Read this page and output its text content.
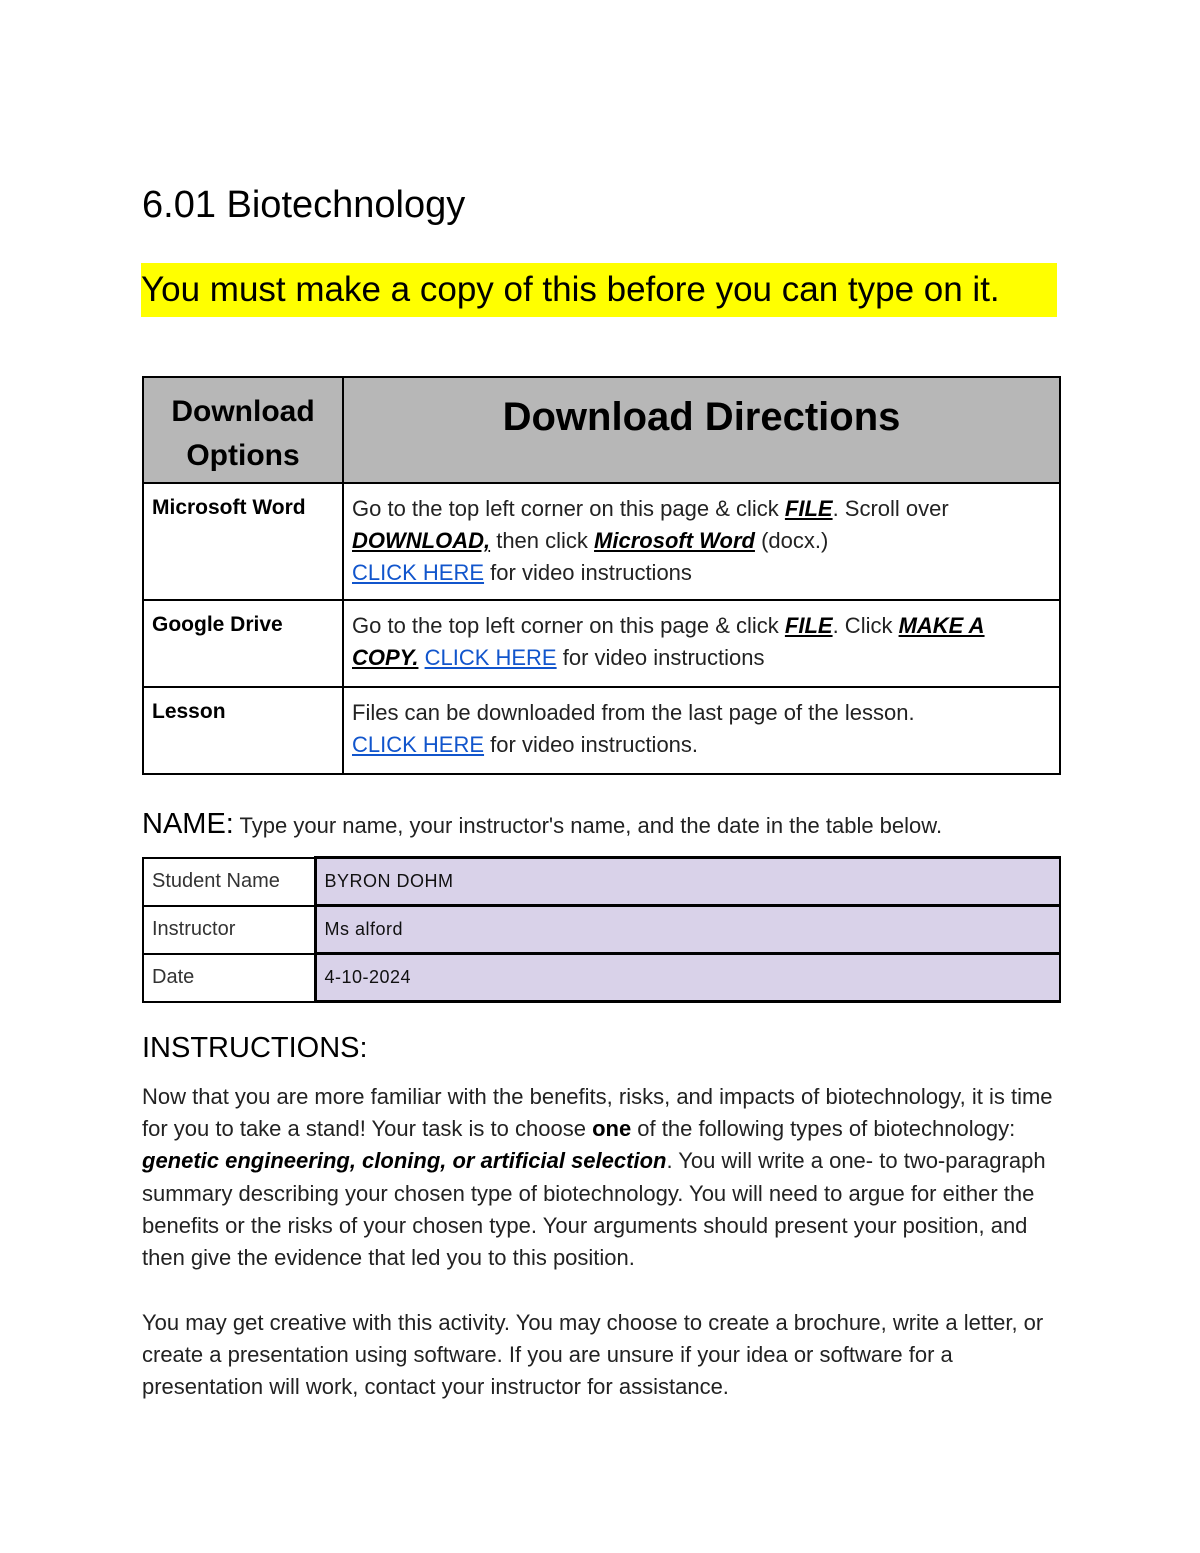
6.01 Biotechnology
You must make a copy of this before you can type on it.
Download Options	Download Directions
Microsoft Word	Go to the top left corner on this page & click FILE. Scroll over DOWNLOAD, then click Microsoft Word (docx.)
CLICK HERE for video instructions
Google Drive	Go to the top left corner on this page & click FILE. Click MAKE A COPY. CLICK HERE for video instructions
Lesson	Files can be downloaded from the last page of the lesson.
CLICK HERE for video instructions.
NAME: Type your name, your instructor's name, and the date in the table below.
Student Name	BYRON DOHM
Instructor	Ms alford
Date	4-10-2024
INSTRUCTIONS:
Now that you are more familiar with the benefits, risks, and impacts of biotechnology, it is time for you to take a stand! Your task is to choose one of the following types of biotechnology: genetic engineering, cloning, or artificial selection. You will write a one- to two-paragraph summary describing your chosen type of biotechnology. You will need to argue for either the benefits or the risks of your chosen type. Your arguments should present your position, and then give the evidence that led you to this position.
You may get creative with this activity. You may choose to create a brochure, write a letter, or create a presentation using software. If you are unsure if your idea or software for a presentation will work, contact your instructor for assistance.
